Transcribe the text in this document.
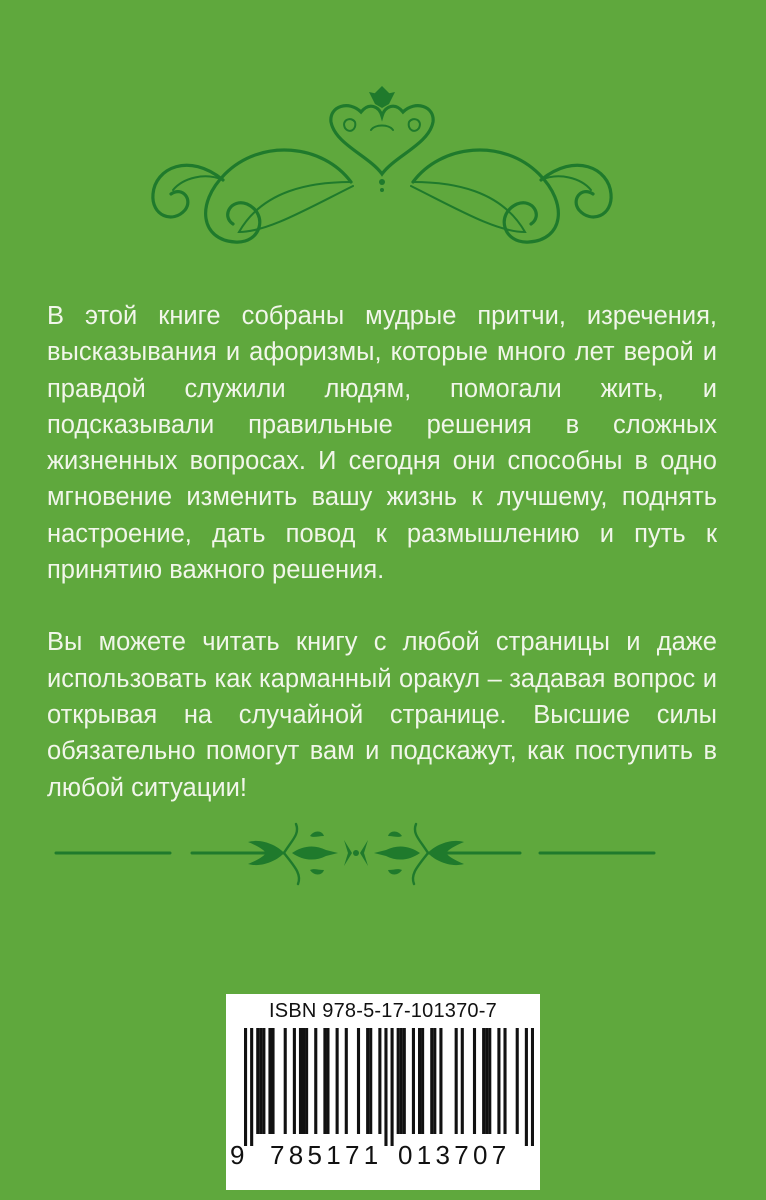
В этой книге собраны мудрые притчи, изречения, высказывания и афоризмы, которые много лет верой и правдой служили людям, помогали жить, и подсказывали правильные решения в сложных жизненных вопросах. И сегодня они способны в одно мгновение изменить вашу жизнь к лучшему, поднять настроение, дать повод к размышлению и путь к принятию важного решения.

Вы можете читать книгу с любой страницы и даже использовать как карманный оракул – задавая вопрос и открывая на случайной странице. Высшие силы обязательно помогут вам и подскажут, как поступить в любой ситуации!

ISBN 978-5-17-101370-7
9 785171 013707
